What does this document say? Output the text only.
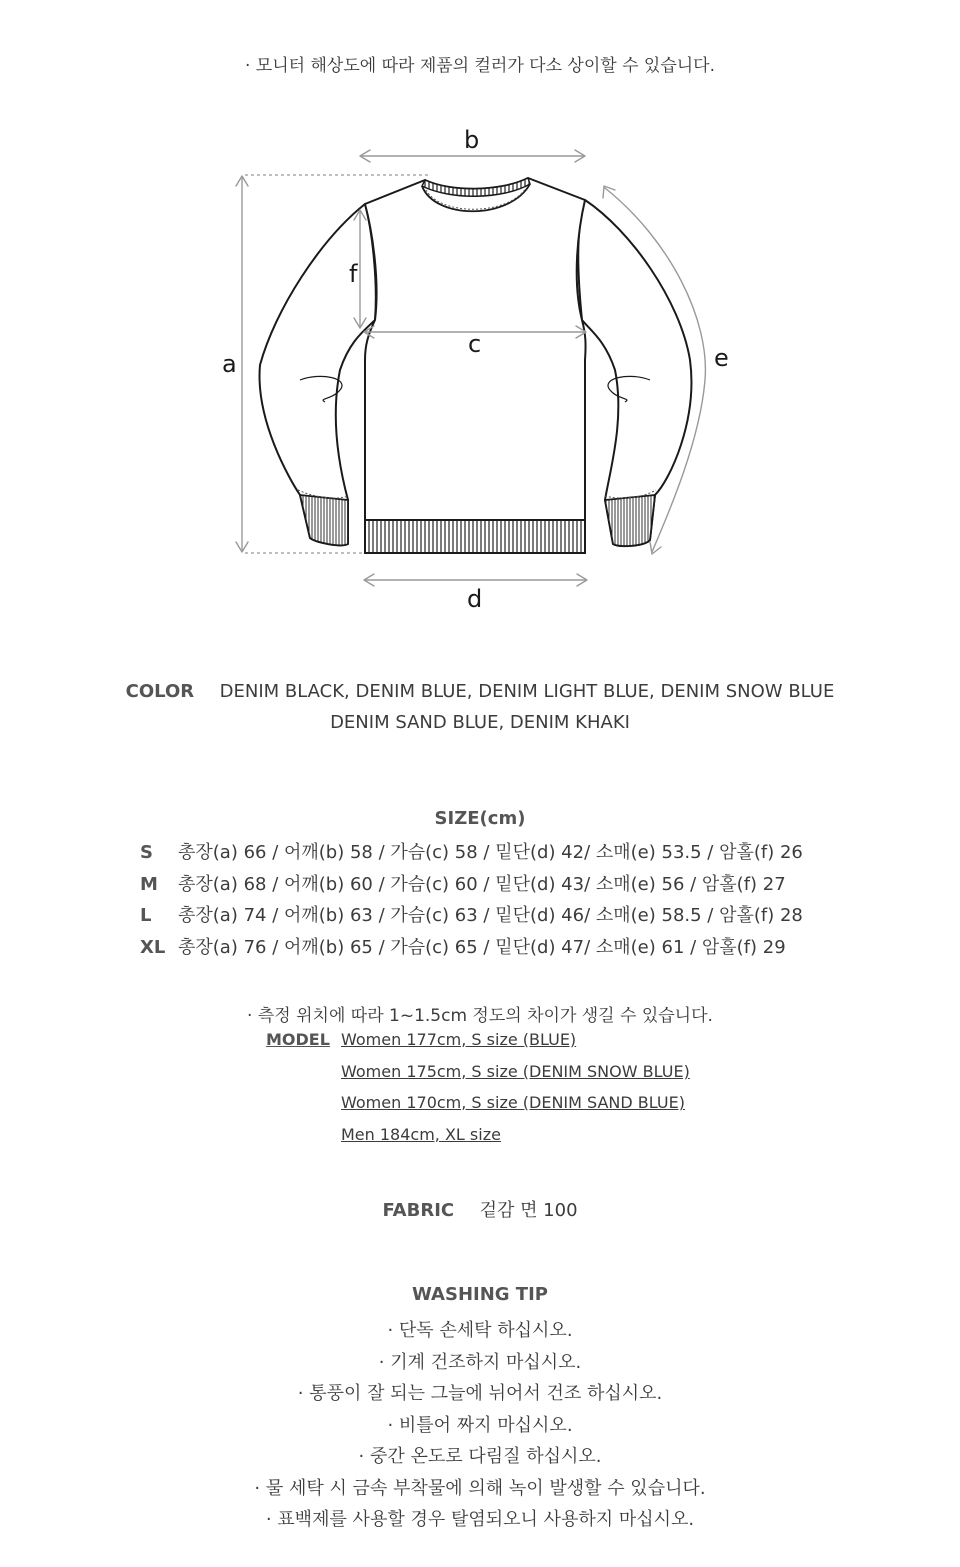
· 모니터 해상도에 따라 제품의 컬러가 다소 상이할 수 있습니다.
b
a
c
d
e
f
COLOR DENIM BLACK, DENIM BLUE, DENIM LIGHT BLUE, DENIM SNOW BLUE
DENIM SAND BLUE, DENIM KHAKI
SIZE(cm)
S 총장(a) 66 / 어깨(b) 58 / 가슴(c) 58 / 밑단(d) 42/ 소매(e) 53.5 / 암홀(f) 26
M 총장(a) 68 / 어깨(b) 60 / 가슴(c) 60 / 밑단(d) 43/ 소매(e) 56 / 암홀(f) 27
L 총장(a) 74 / 어깨(b) 63 / 가슴(c) 63 / 밑단(d) 46/ 소매(e) 58.5 / 암홀(f) 28
XL 총장(a) 76 / 어깨(b) 65 / 가슴(c) 65 / 밑단(d) 47/ 소매(e) 61 / 암홀(f) 29
· 측정 위치에 따라 1~1.5cm 정도의 차이가 생길 수 있습니다.
MODEL Women 177cm, S size (BLUE)
Women 175cm, S size (DENIM SNOW BLUE)
Women 170cm, S size (DENIM SAND BLUE)
Men 184cm, XL size
FABRIC 겉감 면 100
WASHING TIP
· 단독 손세탁 하십시오.
· 기계 건조하지 마십시오.
· 통풍이 잘 되는 그늘에 뉘어서 건조 하십시오.
· 비틀어 짜지 마십시오.
· 중간 온도로 다림질 하십시오.
· 물 세탁 시 금속 부착물에 의해 녹이 발생할 수 있습니다.
· 표백제를 사용할 경우 탈염되오니 사용하지 마십시오.
